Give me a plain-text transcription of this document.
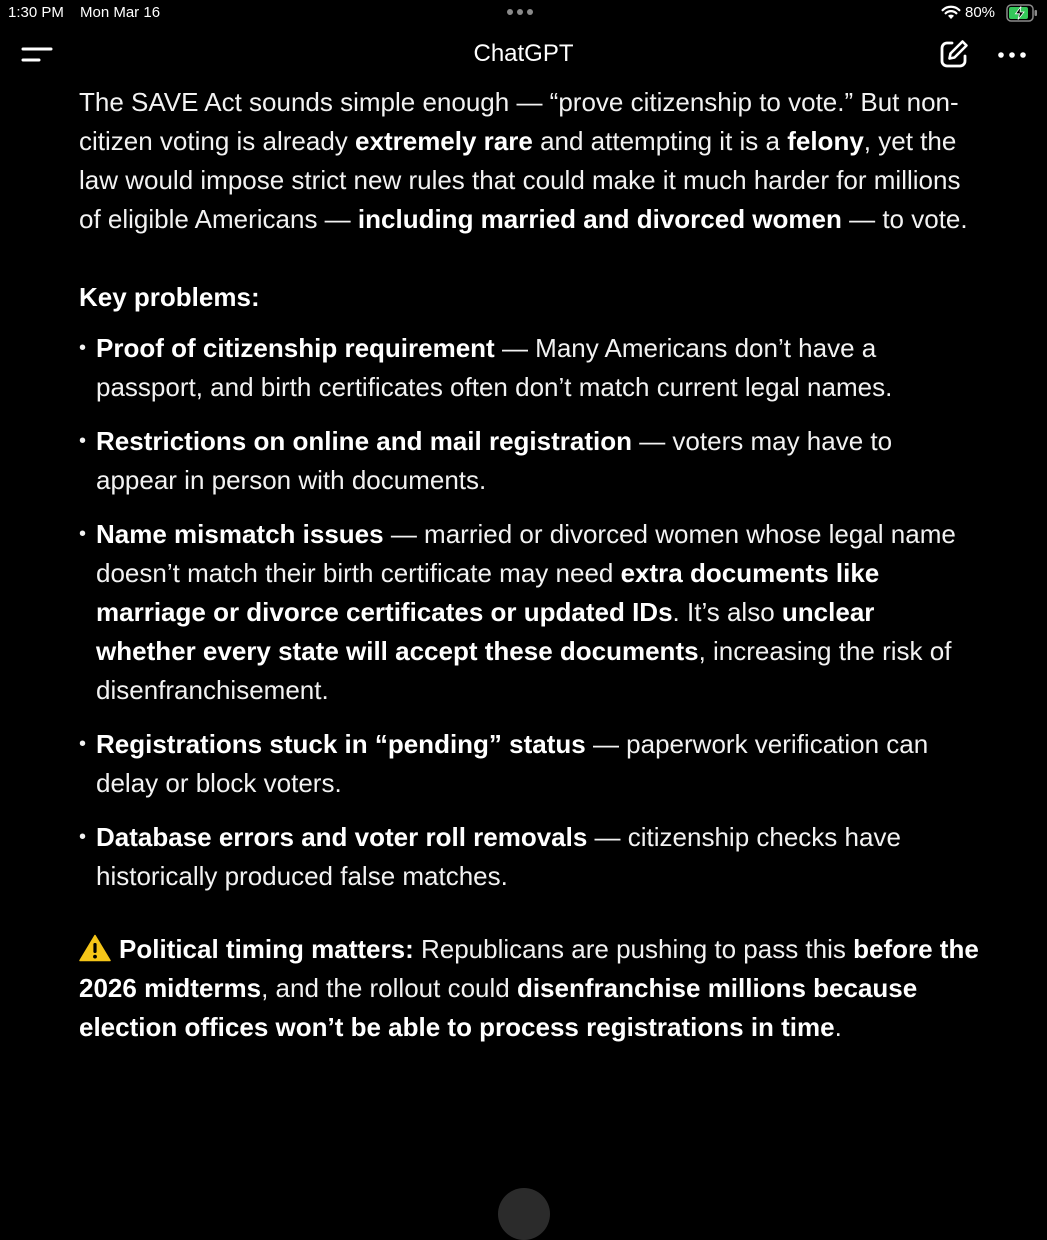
1:30 PM Mon Mar 16	80%
ChatGPT

The SAVE Act sounds simple enough — “prove citizenship to vote.” But non-citizen voting is already extremely rare and attempting it is a felony, yet the law would impose strict new rules that could make it much harder for millions of eligible Americans — including married and divorced women — to vote.

Key problems:

• Proof of citizenship requirement — Many Americans don’t have a passport, and birth certificates often don’t match current legal names.
• Restrictions on online and mail registration — voters may have to appear in person with documents.
• Name mismatch issues — married or divorced women whose legal name doesn’t match their birth certificate may need extra documents like marriage or divorce certificates or updated IDs. It’s also unclear whether every state will accept these documents, increasing the risk of disenfranchisement.
• Registrations stuck in “pending” status — paperwork verification can delay or block voters.
• Database errors and voter roll removals — citizenship checks have historically produced false matches.

Political timing matters: Republicans are pushing to pass this before the 2026 midterms, and the rollout could disenfranchise millions because election offices won’t be able to process registrations in time.
